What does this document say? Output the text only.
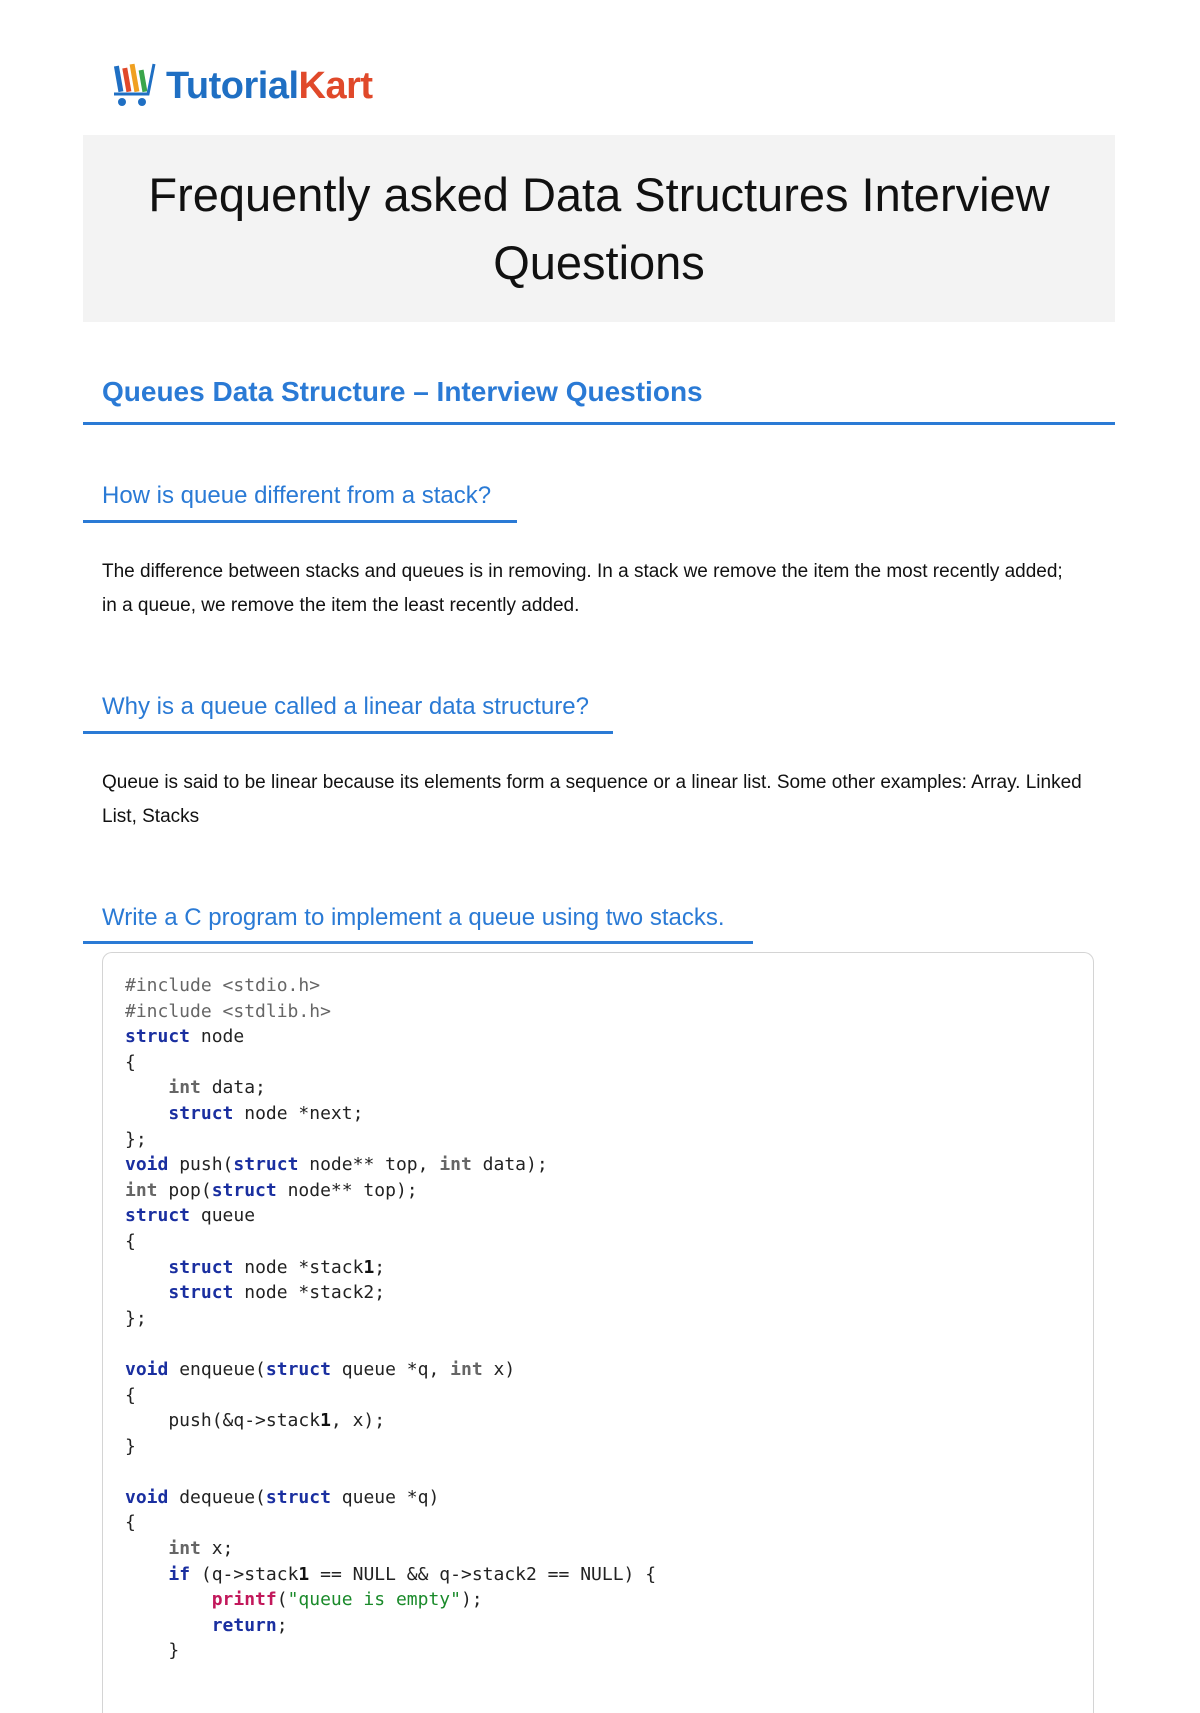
TutorialKart
Frequently asked Data Structures Interview Questions
Queues Data Structure – Interview Questions
How is queue different from a stack?

The difference between stacks and queues is in removing. In a stack we remove the item the most recently added; in a queue, we remove the item the least recently added.

Why is a queue called a linear data structure?

Queue is said to be linear because its elements form a sequence or a linear list. Some other examples: Array. Linked List, Stacks

Write a C program to implement a queue using two stacks.
#include <stdio.h>
#include <stdlib.h>
struct node
{
int data;
struct node *next;
};
void push(struct node** top, int data);
int pop(struct node** top);
struct queue
{
struct node *stack1;
struct node *stack2;
};

void enqueue(struct queue *q, int x)
{
push(&q->stack1, x);
}

void dequeue(struct queue *q)
{
int x;
if (q->stack1 == NULL && q->stack2 == NULL) {
printf("queue is empty");
return;
}
